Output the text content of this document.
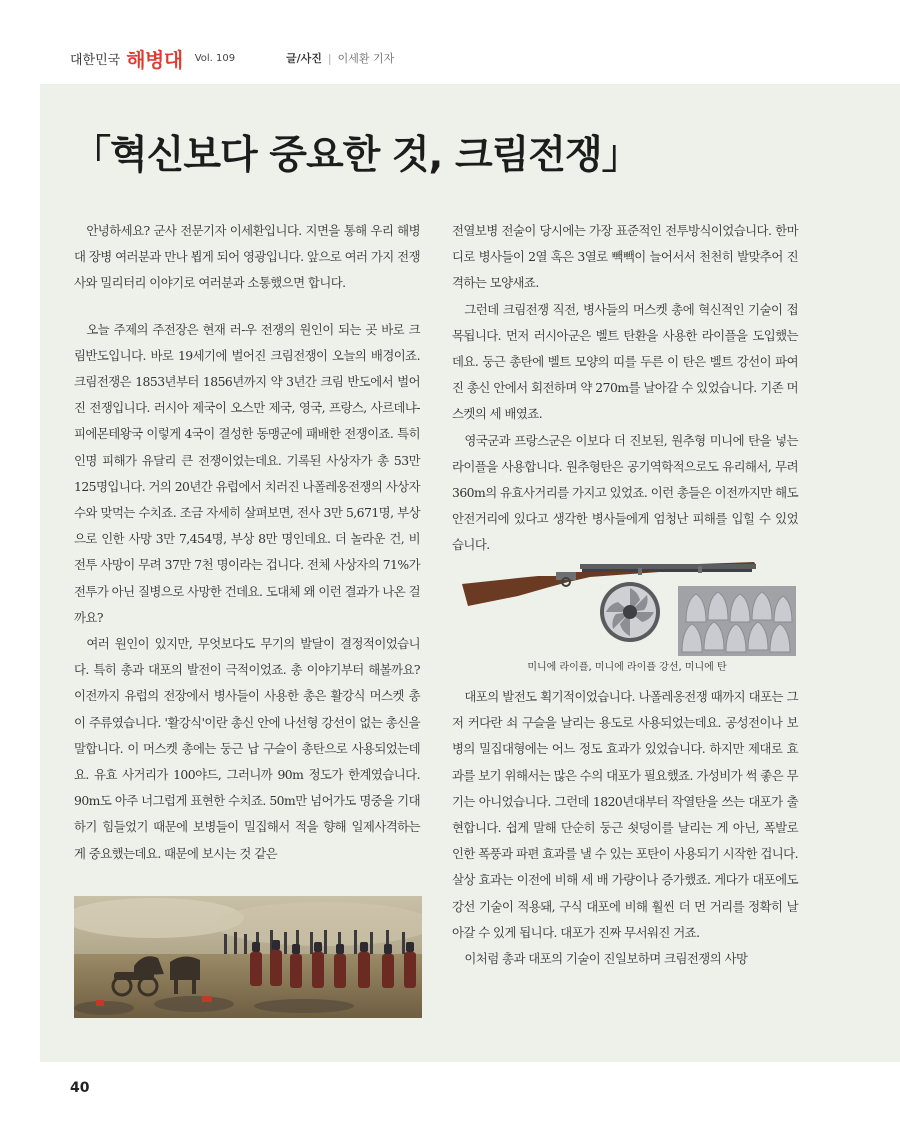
대한민국 해병대 Vol. 109	글/사진 | 이세환 기자
「혁신보다 중요한 것, 크림전쟁」

안녕하세요? 군사 전문기자 이세환입니다. 지면을 통해 우리 해병대 장병 여러분과 만나 뵙게 되어 영광입니다. 앞으로 여러 가지 전쟁사와 밀리터리 이야기로 여러분과 소통했으면 합니다.

오늘 주제의 주전장은 현재 러-우 전쟁의 원인이 되는 곳 바로 크림반도입니다. 바로 19세기에 벌어진 크림전쟁이 오늘의 배경이죠. 크림전쟁은 1853년부터 1856년까지 약 3년간 크림 반도에서 벌어진 전쟁입니다. 러시아 제국이 오스만 제국, 영국, 프랑스, 사르데냐-피에몬테왕국 이렇게 4국이 결성한 동맹군에 패배한 전쟁이죠. 특히 인명 피해가 유달리 큰 전쟁이었는데요. 기록된 사상자가 총 53만 125명입니다. 거의 20년간 유럽에서 치러진 나폴레옹전쟁의 사상자 수와 맞먹는 수치죠. 조금 자세히 살펴보면, 전사 3만 5,671명, 부상으로 인한 사망 3만 7,454명, 부상 8만 명인데요. 더 놀라운 건, 비전투 사망이 무려 37만 7천 명이라는 겁니다. 전체 사상자의 71%가 전투가 아닌 질병으로 사망한 건데요. 도대체 왜 이런 결과가 나온 걸까요?

여러 원인이 있지만, 무엇보다도 무기의 발달이 결정적이었습니다. 특히 총과 대포의 발전이 극적이었죠. 총 이야기부터 해볼까요? 이전까지 유럽의 전장에서 병사들이 사용한 총은 활강식 머스켓 총이 주류였습니다. '활강식'이란 총신 안에 나선형 강선이 없는 총신을 말합니다. 이 머스켓 총에는 둥근 납 구슬이 총탄으로 사용되었는데요. 유효 사거리가 100야드, 그러니까 90m 정도가 한계였습니다. 90m도 아주 너그럽게 표현한 수치죠. 50m만 넘어가도 명중을 기대하기 힘들었기 때문에 보병들이 밀집해서 적을 향해 일제사격하는 게 중요했는데요. 때문에 보시는 것 같은

전열보병 전술이 당시에는 가장 표준적인 전투방식이었습니다. 한마디로 병사들이 2열 혹은 3열로 빽빽이 늘어서서 천천히 발맞추어 진격하는 모양새죠.

그런데 크림전쟁 직전, 병사들의 머스켓 총에 혁신적인 기술이 접목됩니다. 먼저 러시아군은 벨트 탄환을 사용한 라이플을 도입했는데요. 둥근 총탄에 벨트 모양의 띠를 두른 이 탄은 벨트 강선이 파여진 총신 안에서 회전하며 약 270m를 날아갈 수 있었습니다. 기존 머스켓의 세 배였죠.

영국군과 프랑스군은 이보다 더 진보된, 원추형 미니에 탄을 넣는 라이플을 사용합니다. 원추형탄은 공기역학적으로도 유리해서, 무려 360m의 유효사거리를 가지고 있었죠. 이런 총들은 이전까지만 해도 안전거리에 있다고 생각한 병사들에게 엄청난 피해를 입힐 수 있었습니다.

미니에 라이플, 미니에 라이플 강선, 미니에 탄

대포의 발전도 획기적이었습니다. 나폴레옹전쟁 때까지 대포는 그저 커다란 쇠 구슬을 날리는 용도로 사용되었는데요. 공성전이나 보병의 밀집대형에는 어느 정도 효과가 있었습니다. 하지만 제대로 효과를 보기 위해서는 많은 수의 대포가 필요했죠. 가성비가 썩 좋은 무기는 아니었습니다. 그런데 1820년대부터 작열탄을 쓰는 대포가 출현합니다. 쉽게 말해 단순히 둥근 쇳덩이를 날리는 게 아닌, 폭발로 인한 폭풍과 파편 효과를 낼 수 있는 포탄이 사용되기 시작한 겁니다. 살상 효과는 이전에 비해 세 배 가량이나 증가했죠. 게다가 대포에도 강선 기술이 적용돼, 구식 대포에 비해 훨씬 더 먼 거리를 정확히 날아갈 수 있게 됩니다. 대포가 진짜 무서워진 거죠.

이처럼 총과 대포의 기술이 진일보하며 크림전쟁의 사망

40
